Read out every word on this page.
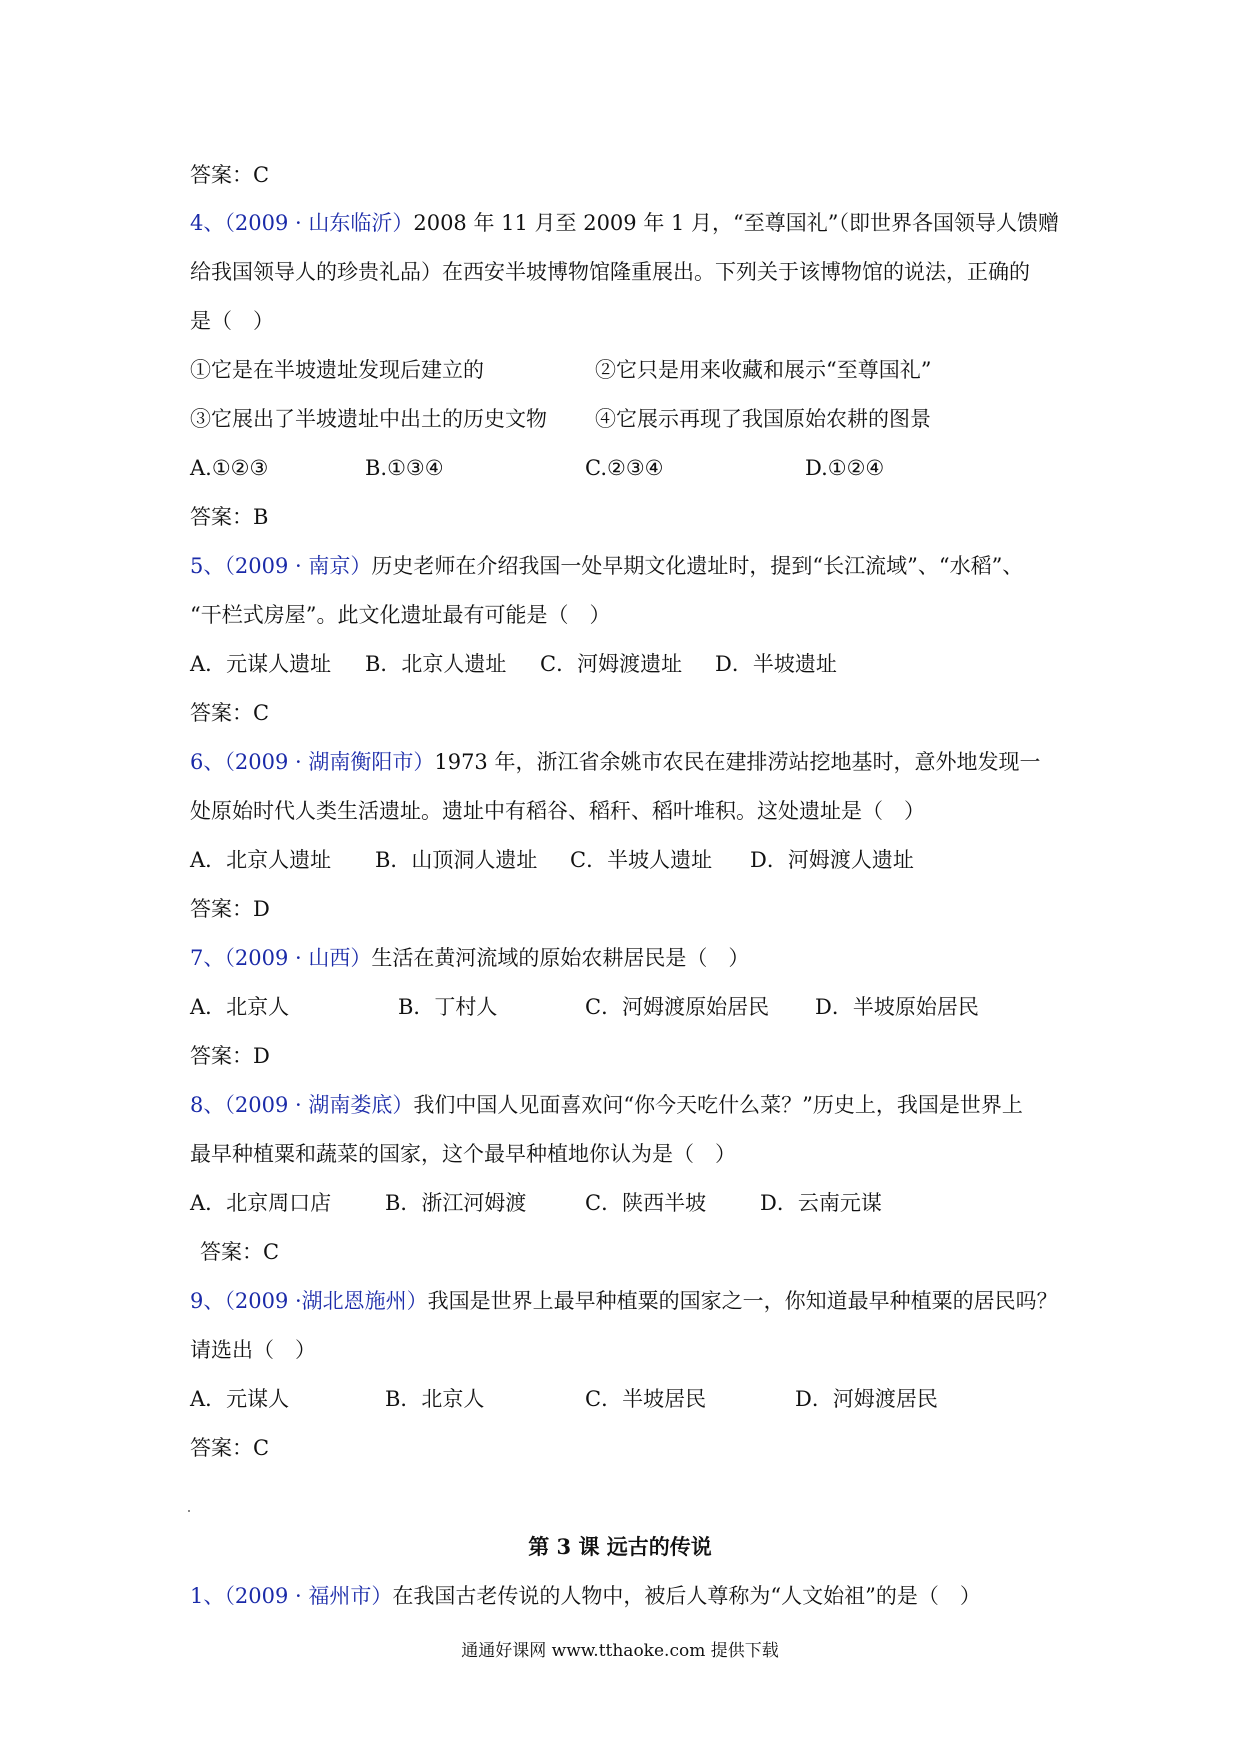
答案：C
4、（2009 · 山东临沂）2008 年 11 月至 2009 年 1 月，“至尊国礼”（即世界各国领导人馈赠
给我国领导人的珍贵礼品）在西安半坡博物馆隆重展出。下列关于该博物馆的说法，正确的
是（　）
①它是在半坡遗址发现后建立的	②它只是用来收藏和展示“至尊国礼”
③它展出了半坡遗址中出土的历史文物 ④它展示再现了我国原始农耕的图景
A.①②③	B.①③④	C.②③④	D.①②④
答案：B
5、（2009 · 南京）历史老师在介绍我国一处早期文化遗址时，提到“长江流域”、“水稻”、
“干栏式房屋”。此文化遗址最有可能是（　）
A．元谋人遗址 B．北京人遗址 C．河姆渡遗址 D．半坡遗址
答案：C
6、（2009 · 湖南衡阳市）1973 年，浙江省余姚市农民在建排涝站挖地基时，意外地发现一
处原始时代人类生活遗址。遗址中有稻谷、稻秆、稻叶堆积。这处遗址是（　）
A．北京人遗址 B．山顶洞人遗址 C．半坡人遗址 D．河姆渡人遗址
答案：D
7、（2009 · 山西）生活在黄河流域的原始农耕居民是（　）
A．北京人	B．丁村人	C．河姆渡原始居民 D．半坡原始居民
答案：D
8、（2009 · 湖南娄底）我们中国人见面喜欢问“你今天吃什么菜？”历史上，我国是世界上
最早种植粟和蔬菜的国家，这个最早种植地你认为是（　）
A．北京周口店	B．浙江河姆渡	C．陕西半坡	D．云南元谋
答案：C
9、（2009 ·湖北恩施州）我国是世界上最早种植粟的国家之一，你知道最早种植粟的居民吗？
请选出（　）
A．元谋人	B．北京人	C．半坡居民	D．河姆渡居民
答案：C
第 3 课 远古的传说
1、（2009 · 福州市）在我国古老传说的人物中，被后人尊称为“人文始祖”的是（　）
通通好课网 www.tthaoke.com 提供下载
